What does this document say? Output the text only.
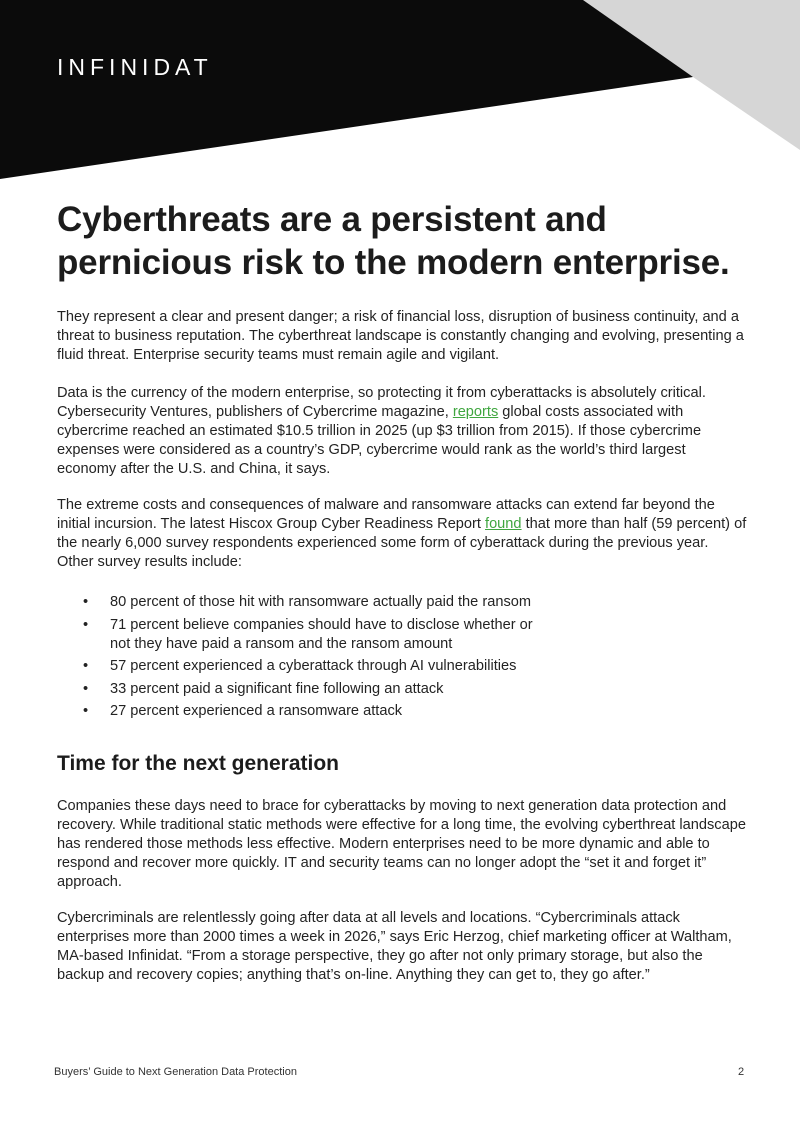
INFINIDAT
Cyberthreats are a persistent and
pernicious risk to the modern enterprise.

They represent a clear and present danger; a risk of financial loss, disruption of business continuity, and a threat to business reputation. The cyberthreat landscape is constantly changing and evolving, presenting a fluid threat. Enterprise security teams must remain agile and vigilant.

Data is the currency of the modern enterprise, so protecting it from cyberattacks is absolutely critical. Cybersecurity Ventures, publishers of Cybercrime magazine, reports global costs associated with cybercrime reached an estimated $10.5 trillion in 2025 (up $3 trillion from 2015). If those cybercrime expenses were considered as a country’s GDP, cybercrime would rank as the world’s third largest economy after the U.S. and China, it says.

The extreme costs and consequences of malware and ransomware attacks can extend far beyond the initial incursion. The latest Hiscox Group Cyber Readiness Report found that more than half (59 percent) of the nearly 6,000 survey respondents experienced some form of cyberattack during the previous year. Other survey results include:

• 80 percent of those hit with ransomware actually paid the ransom
• 71 percent believe companies should have to disclose whether or not they have paid a ransom and the ransom amount
• 57 percent experienced a cyberattack through AI vulnerabilities
• 33 percent paid a significant fine following an attack
• 27 percent experienced a ransomware attack
Time for the next generation

Companies these days need to brace for cyberattacks by moving to next generation data protection and recovery. While traditional static methods were effective for a long time, the evolving cyberthreat landscape has rendered those methods less effective. Modern enterprises need to be more dynamic and able to respond and recover more quickly. IT and security teams can no longer adopt the “set it and forget it” approach.

Cybercriminals are relentlessly going after data at all levels and locations. “Cybercriminals attack enterprises more than 2000 times a week in 2026,” says Eric Herzog, chief marketing officer at Waltham, MA-based Infinidat. “From a storage perspective, they go after not only primary storage, but also the backup and recovery copies; anything that’s on-line. Anything they can get to, they go after.”

Buyers’ Guide to Next Generation Data Protection	2
